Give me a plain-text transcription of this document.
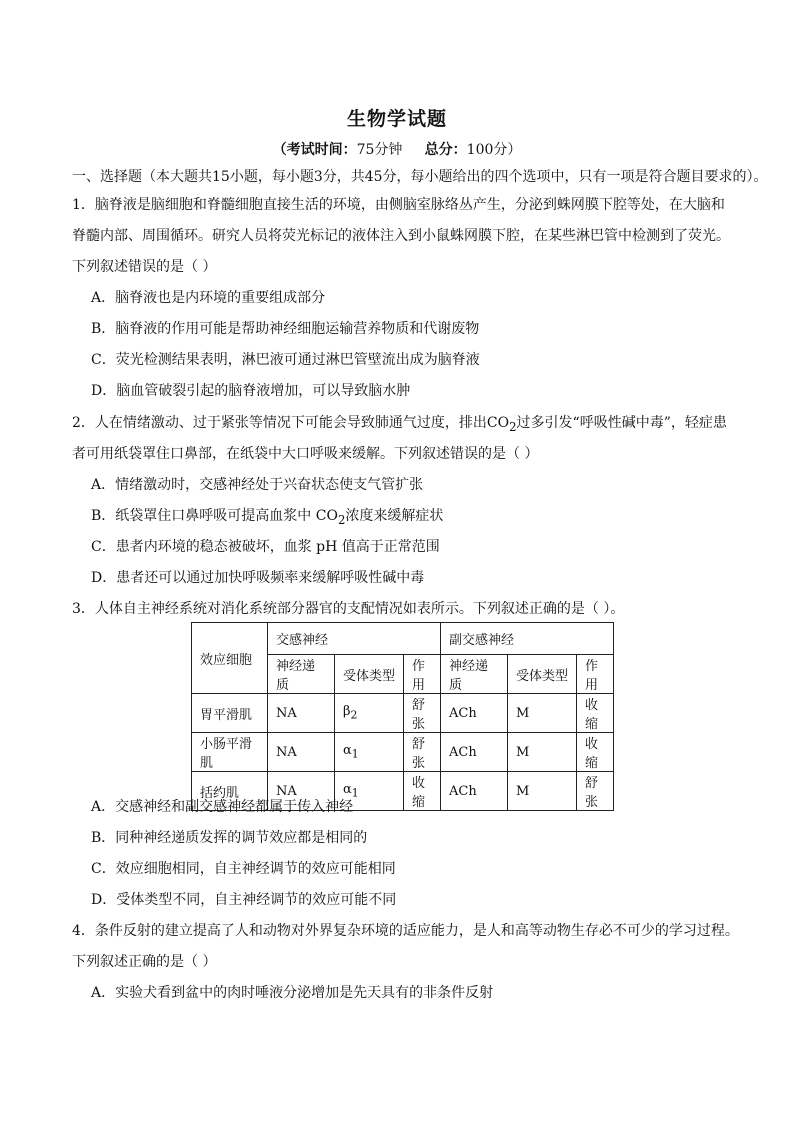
生物学试题
（考试时间：75分钟 总分：100分）
一、选择题（本大题共15小题，每小题3分，共45分，每小题给出的四个选项中，只有一项是符合题目要求的）。
1．脑脊液是脑细胞和脊髓细胞直接生活的环境，由侧脑室脉络丛产生，分泌到蛛网膜下腔等处，在大脑和
脊髓内部、周围循环。研究人员将荧光标记的液体注入到小鼠蛛网膜下腔，在某些淋巴管中检测到了荧光。
下列叙述错误的是（ ）
A．脑脊液也是内环境的重要组成部分
B．脑脊液的作用可能是帮助神经细胞运输营养物质和代谢废物
C．荧光检测结果表明，淋巴液可通过淋巴管壁流出成为脑脊液
D．脑血管破裂引起的脑脊液增加，可以导致脑水肿
2．人在情绪激动、过于紧张等情况下可能会导致肺通气过度，排出$CO_2$过多引发“呼吸性碱中毒”，轻症患
者可用纸袋罩住口鼻部，在纸袋中大口呼吸来缓解。下列叙述错误的是（ ）
A．情绪激动时，交感神经处于兴奋状态使支气管扩张
B．纸袋罩住口鼻呼吸可提高血浆中 $CO_2$浓度来缓解症状
C．患者内环境的稳态被破坏，血浆 pH 值高于正常范围
D．患者还可以通过加快呼吸频率来缓解呼吸性碱中毒
3．人体自主神经系统对消化系统部分器官的支配情况如表所示。下列叙述正确的是（ ）。
效应细胞	交感神经			副交感神经		
	神经递质	受体类型	作用	神经递质	受体类型	作用
胃平滑肌	NA	$\beta_2$	舒张	ACh	M	收缩
小肠平滑肌	NA	$\alpha_1$	舒张	ACh	M	收缩
括约肌	NA	$\alpha_1$	收缩	ACh	M	舒张
A．交感神经和副交感神经都属于传入神经
B．同种神经递质发挥的调节效应都是相同的
C．效应细胞相同，自主神经调节的效应可能相同
D．受体类型不同，自主神经调节的效应可能不同
4．条件反射的建立提高了人和动物对外界复杂环境的适应能力，是人和高等动物生存必不可少的学习过程。
下列叙述正确的是（ ）
A．实验犬看到盆中的肉时唾液分泌增加是先天具有的非条件反射
